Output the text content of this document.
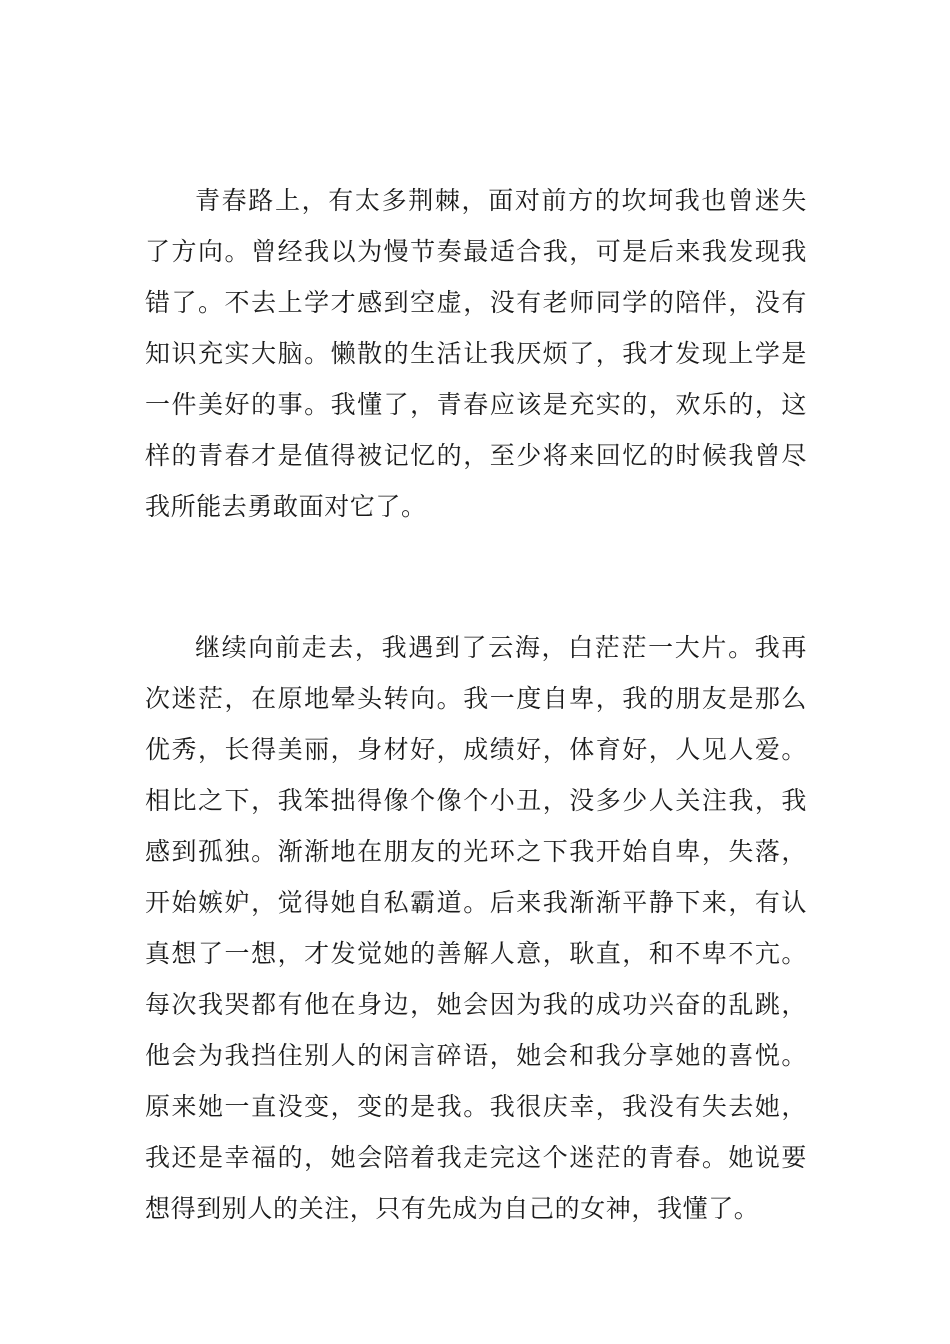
青春路上，有太多荆棘，面对前方的坎坷我也曾迷失了方向。曾经我以为慢节奏最适合我，可是后来我发现我错了。不去上学才感到空虚，没有老师同学的陪伴，没有知识充实大脑。懒散的生活让我厌烦了，我才发现上学是一件美好的事。我懂了，青春应该是充实的，欢乐的，这样的青春才是值得被记忆的，至少将来回忆的时候我曾尽我所能去勇敢面对它了。

继续向前走去，我遇到了云海，白茫茫一大片。我再次迷茫，在原地晕头转向。我一度自卑，我的朋友是那么优秀，长得美丽，身材好，成绩好，体育好，人见人爱。相比之下，我笨拙得像个像个小丑，没多少人关注我，我感到孤独。渐渐地在朋友的光环之下我开始自卑，失落，开始嫉妒，觉得她自私霸道。后来我渐渐平静下来，有认真想了一想，才发觉她的善解人意，耿直，和不卑不亢。每次我哭都有他在身边，她会因为我的成功兴奋的乱跳，他会为我挡住别人的闲言碎语，她会和我分享她的喜悦。原来她一直没变，变的是我。我很庆幸，我没有失去她，我还是幸福的，她会陪着我走完这个迷茫的青春。她说要想得到别人的关注，只有先成为自己的女神，我懂了。
